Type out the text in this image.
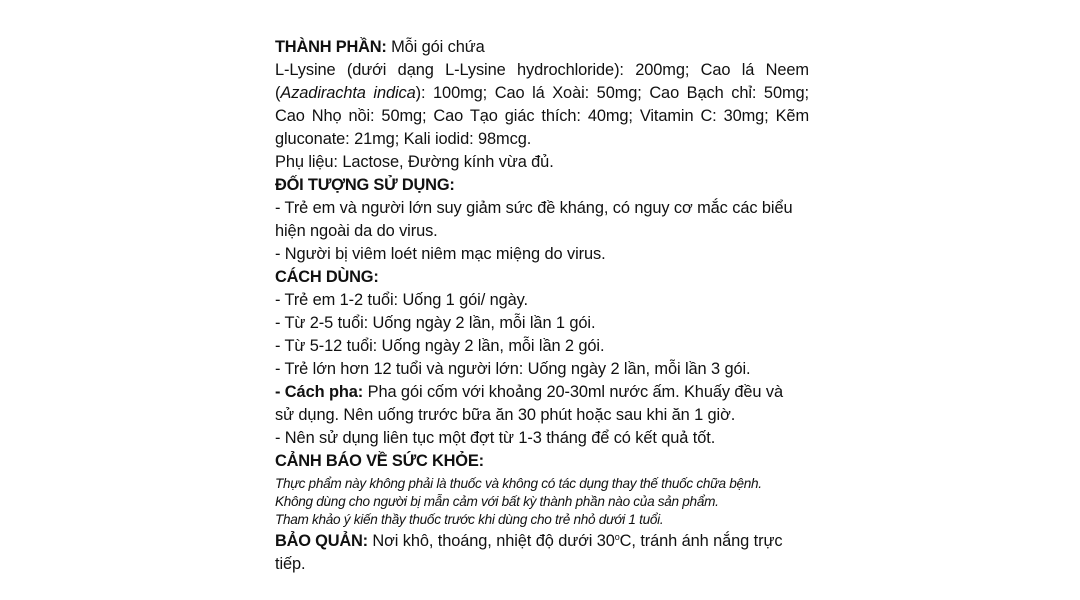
THÀNH PHẦN: Mỗi gói chứa
L-Lysine (dưới dạng L-Lysine hydrochloride): 200mg; Cao lá Neem
(Azadirachta indica): 100mg; Cao lá Xoài: 50mg; Cao Bạch chỉ: 50mg;
Cao Nhọ nồi: 50mg; Cao Tạo giác thích: 40mg; Vitamin C: 30mg; Kẽm
gluconate: 21mg; Kali iodid: 98mcg.
Phụ liệu: Lactose, Đường kính vừa đủ.
ĐỐI TƯỢNG SỬ DỤNG:
- Trẻ em và người lớn suy giảm sức đề kháng, có nguy cơ mắc các biểu
hiện ngoài da do virus.
- Người bị viêm loét niêm mạc miệng do virus.
CÁCH DÙNG:
- Trẻ em 1-2 tuổi: Uống 1 gói/ ngày.
- Từ 2-5 tuổi: Uống ngày 2 lần, mỗi lần 1 gói.
- Từ 5-12 tuổi: Uống ngày 2 lần, mỗi lần 2 gói.
- Trẻ lớn hơn 12 tuổi và người lớn: Uống ngày 2 lần, mỗi lần 3 gói.
- Cách pha: Pha gói cốm với khoảng 20-30ml nước ấm. Khuấy đều và
sử dụng. Nên uống trước bữa ăn 30 phút hoặc sau khi ăn 1 giờ.
- Nên sử dụng liên tục một đợt từ 1-3 tháng để có kết quả tốt.
CẢNH BÁO VỀ SỨC KHỎE:
Thực phẩm này không phải là thuốc và không có tác dụng thay thế thuốc chữa bệnh.
Không dùng cho người bị mẫn cảm với bất kỳ thành phần nào của sản phẩm.
Tham khảo ý kiến thầy thuốc trước khi dùng cho trẻ nhỏ dưới 1 tuổi.
BẢO QUẢN: Nơi khô, thoáng, nhiệt độ dưới 30$^o$C, tránh ánh nắng trực
tiếp.
